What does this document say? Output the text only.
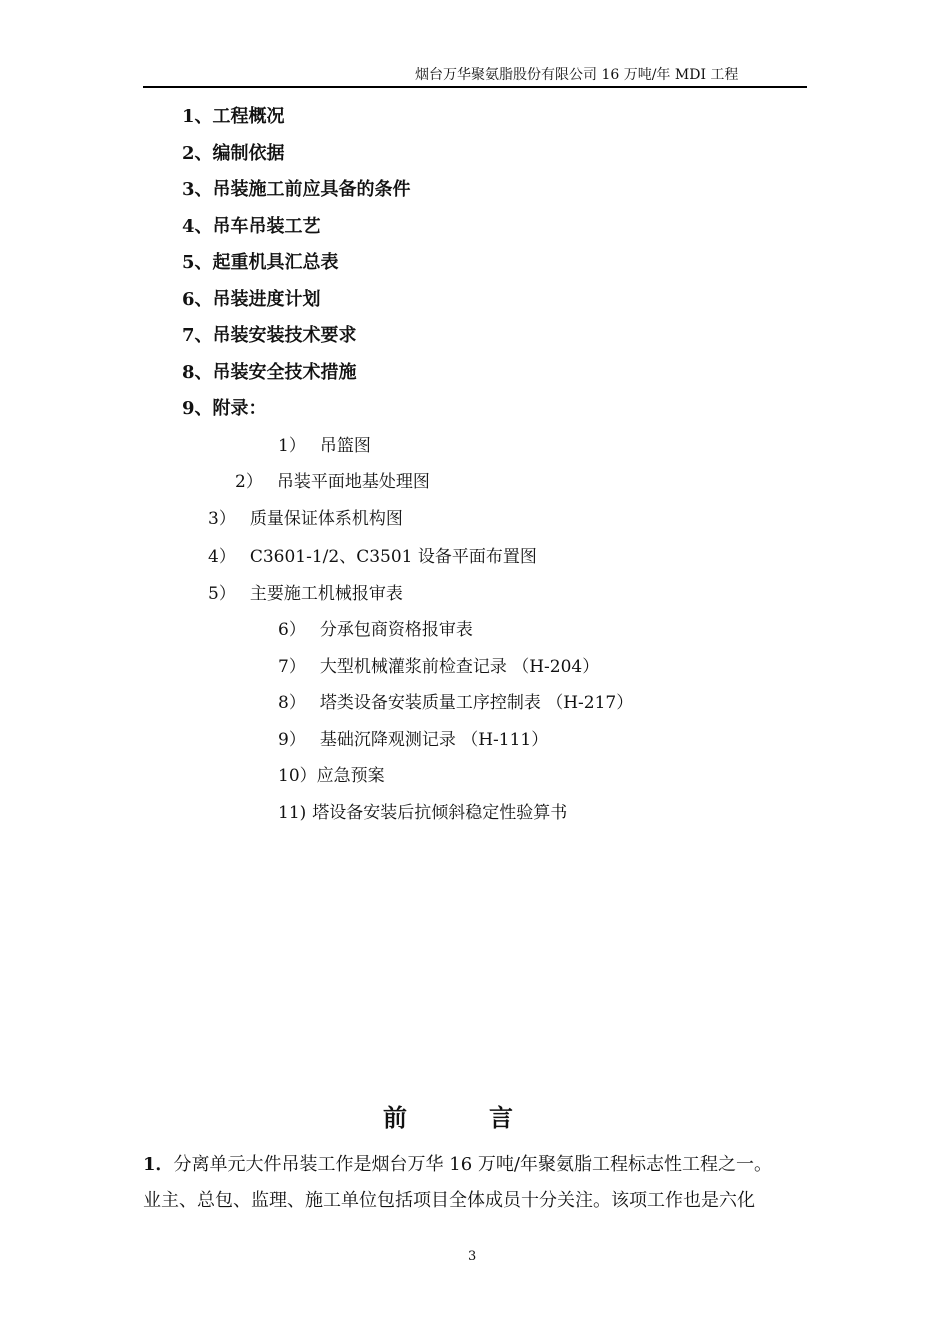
烟台万华聚氨脂股份有限公司 16 万吨/年 MDI 工程
1、工程概况
2、编制依据
3、吊装施工前应具备的条件
4、吊车吊装工艺
5、起重机具汇总表
6、吊装进度计划
7、吊装安装技术要求
8、吊装安全技术措施
9、附录：
1） 吊篮图
2） 吊装平面地基处理图
3） 质量保证体系机构图
4） C3601-1/2、C3501 设备平面布置图
5） 主要施工机械报审表
6） 分承包商资格报审表
7） 大型机械灌浆前检查记录 （H-204）
8） 塔类设备安装质量工序控制表 （H-217）
9） 基础沉降观测记录 （H-111）
10）应急预案
11) 塔设备安装后抗倾斜稳定性验算书
前	言
1．分离单元大件吊装工作是烟台万华 16 万吨/年聚氨脂工程标志性工程之一。
业主、总包、监理、施工单位包括项目全体成员十分关注。该项工作也是六化
3
